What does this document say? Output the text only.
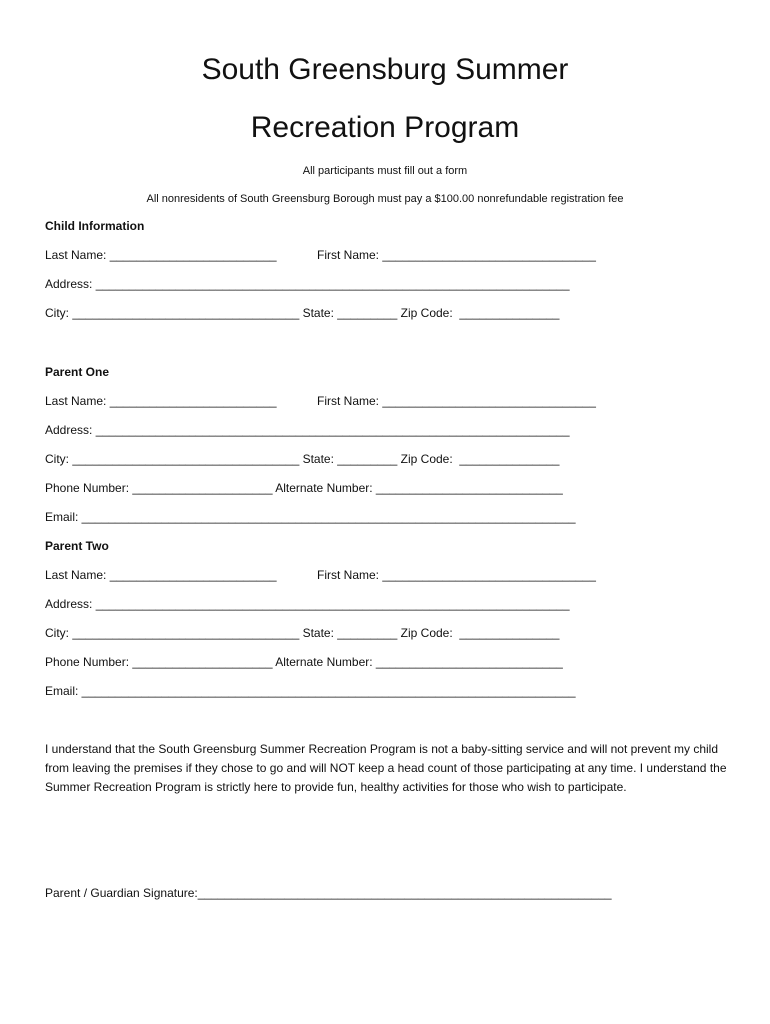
South Greensburg Summer
Recreation Program
All participants must fill out a form
All nonresidents of South Greensburg Borough must pay a $100.00 nonrefundable registration fee
Child Information
Last Name: _________________________	First Name: ________________________________
Address: _______________________________________________________________________
City: __________________________________ State: _________ Zip Code:  _______________
Parent One
Last Name: _________________________	First Name: ________________________________
Address: _______________________________________________________________________
City: __________________________________ State: _________ Zip Code:  _______________
Phone Number: _____________________ Alternate Number: ____________________________
Email: __________________________________________________________________________
Parent Two
Last Name: _________________________	First Name: ________________________________
Address: _______________________________________________________________________
City: __________________________________ State: _________ Zip Code:  _______________
Phone Number: _____________________ Alternate Number: ____________________________
Email: __________________________________________________________________________
I understand that the South Greensburg Summer Recreation Program is not a baby-sitting service and will not prevent my child from leaving the premises if they chose to go and will NOT keep a head count of those participating at any time. I understand the Summer Recreation Program is strictly here to provide fun, healthy activities for those who wish to participate.
Parent / Guardian Signature:______________________________________________________________
